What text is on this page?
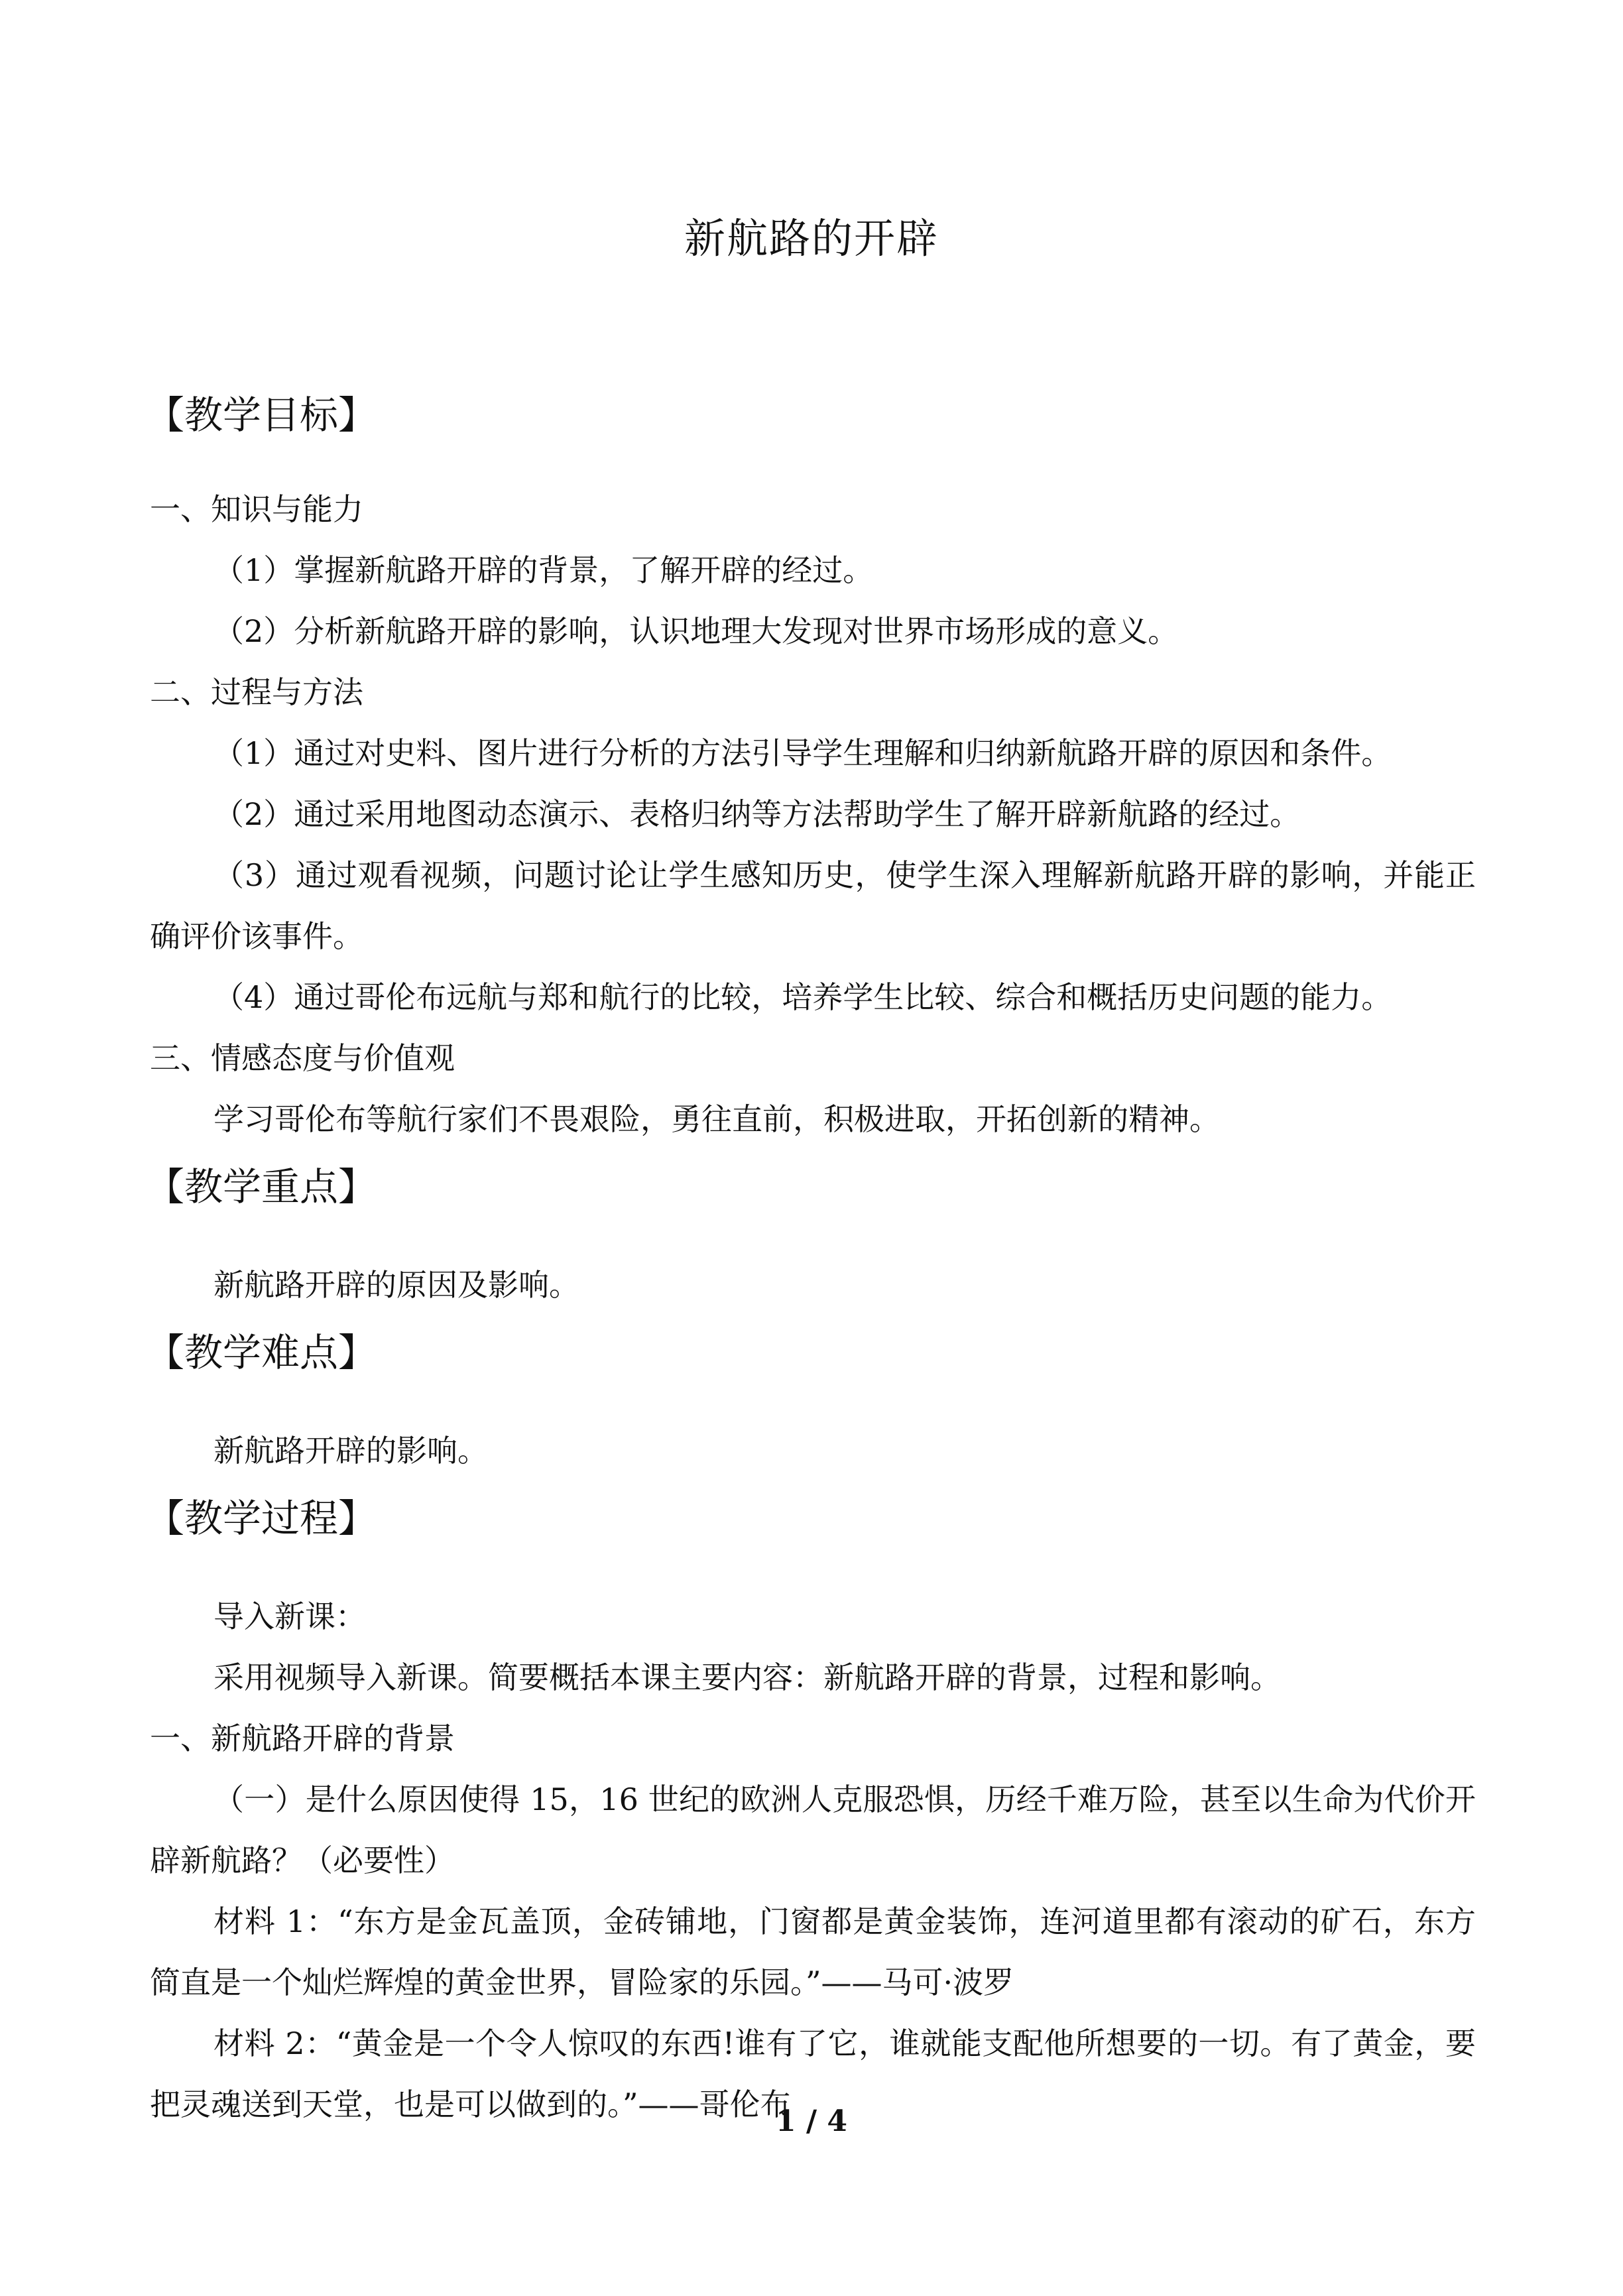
新航路的开辟
【教学目标】
一、知识与能力
（1）掌握新航路开辟的背景，了解开辟的经过。
（2）分析新航路开辟的影响，认识地理大发现对世界市场形成的意义。
二、过程与方法
（1）通过对史料、图片进行分析的方法引导学生理解和归纳新航路开辟的原因和条件。
（2）通过采用地图动态演示、表格归纳等方法帮助学生了解开辟新航路的经过。
（3）通过观看视频，问题讨论让学生感知历史，使学生深入理解新航路开辟的影响，并能正确评价该事件。
（4）通过哥伦布远航与郑和航行的比较，培养学生比较、综合和概括历史问题的能力。
三、情感态度与价值观
学习哥伦布等航行家们不畏艰险，勇往直前，积极进取，开拓创新的精神。
【教学重点】
新航路开辟的原因及影响。
【教学难点】
新航路开辟的影响。
【教学过程】
导入新课：
采用视频导入新课。简要概括本课主要内容：新航路开辟的背景，过程和影响。
一、新航路开辟的背景
（一）是什么原因使得 15，16 世纪的欧洲人克服恐惧，历经千难万险，甚至以生命为代价开辟新航路？（必要性）
材料 1：“东方是金瓦盖顶，金砖铺地，门窗都是黄金装饰，连河道里都有滚动的矿石，东方简直是一个灿烂辉煌的黄金世界，冒险家的乐园。”——马可·波罗
材料 2：“黄金是一个令人惊叹的东西!谁有了它，谁就能支配他所想要的一切。有了黄金，要把灵魂送到天堂，也是可以做到的。”——哥伦布
1 / 4
